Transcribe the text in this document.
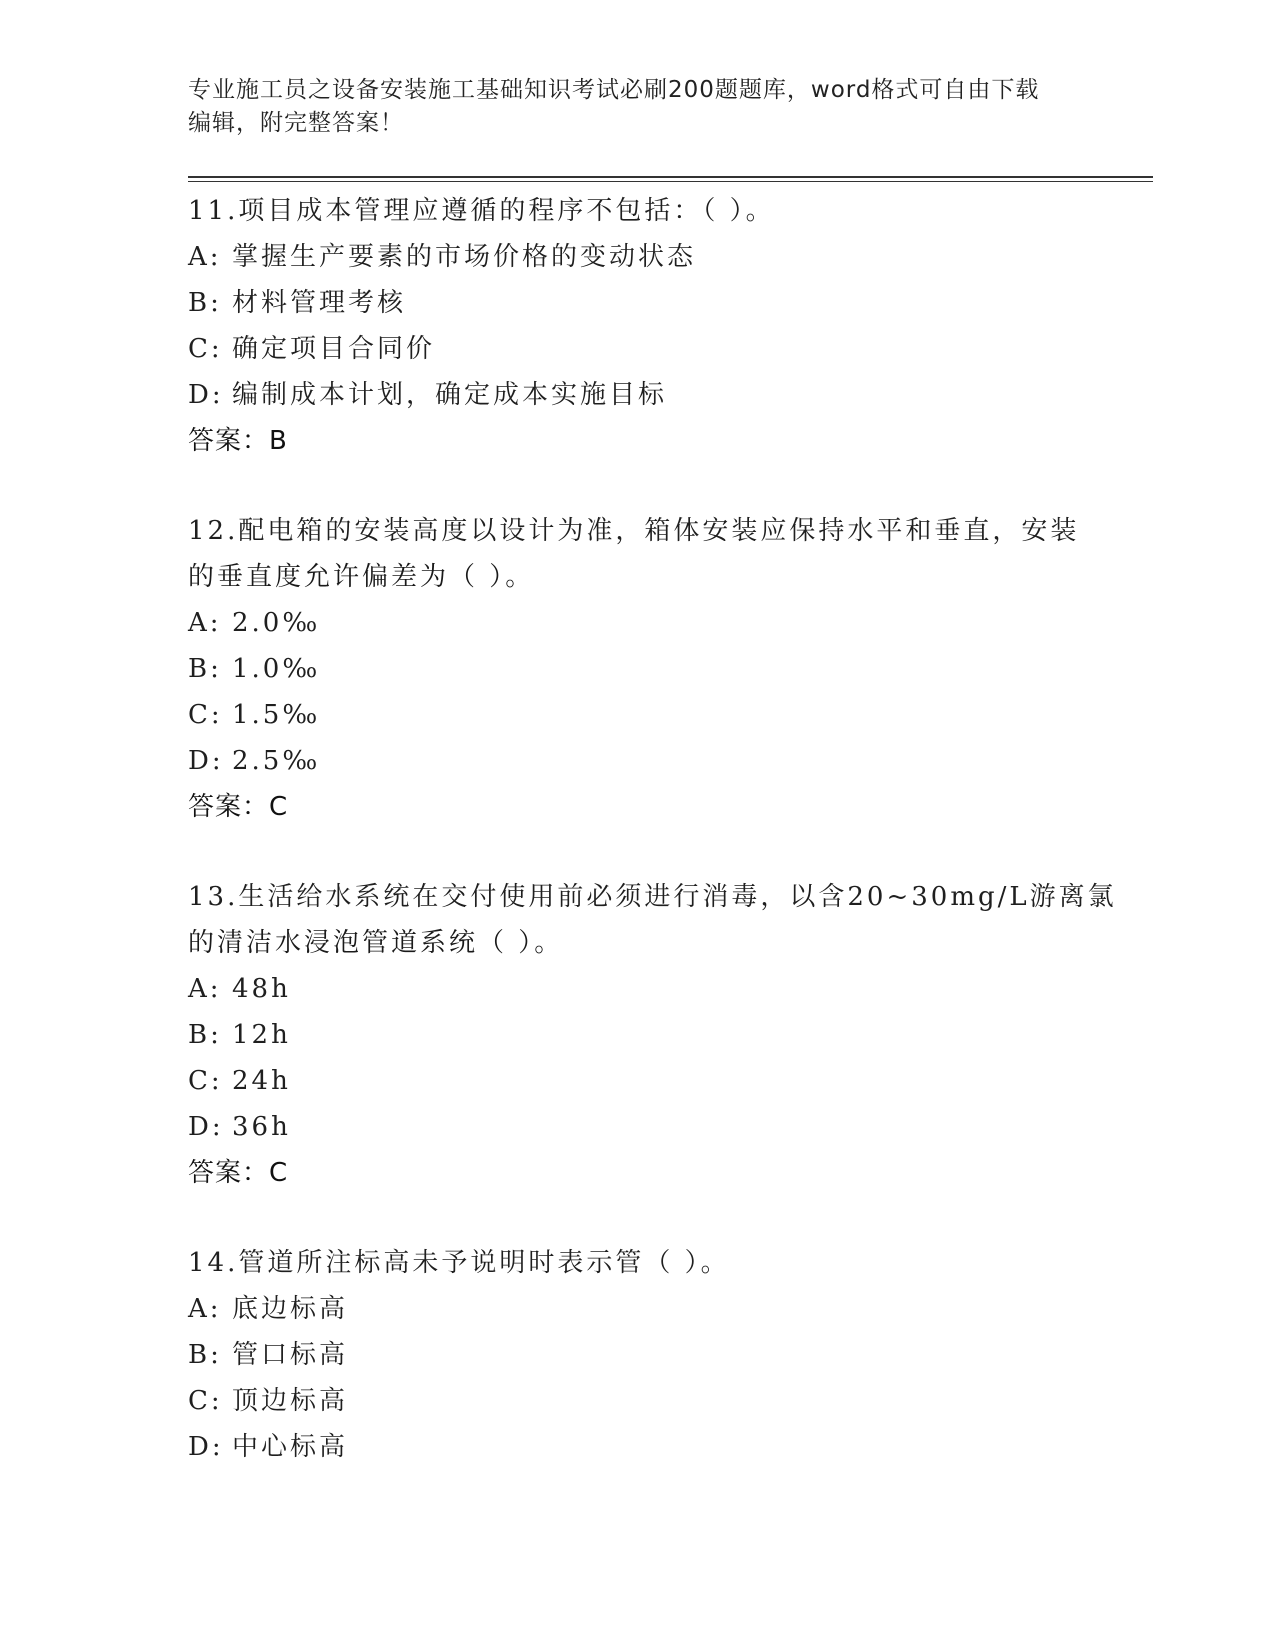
专业施工员之设备安装施工基础知识考试必刷200题题库，word格式可自由下载
编辑，附完整答案！
11.项目成本管理应遵循的程序不包括：（ ）。
A: 掌握生产要素的市场价格的变动状态
B: 材料管理考核
C: 确定项目合同价
D: 编制成本计划，确定成本实施目标
答案：B
12.配电箱的安装高度以设计为准，箱体安装应保持水平和垂直，安装
的垂直度允许偏差为（ ）。
A: 2.0‰
B: 1.0‰
C: 1.5‰
D: 2.5‰
答案：C
13.生活给水系统在交付使用前必须进行消毒，以含20~30mg/L游离氯
的清洁水浸泡管道系统（ ）。
A: 48h
B: 12h
C: 24h
D: 36h
答案：C
14.管道所注标高未予说明时表示管（ ）。
A: 底边标高
B: 管口标高
C: 顶边标高
D: 中心标高
